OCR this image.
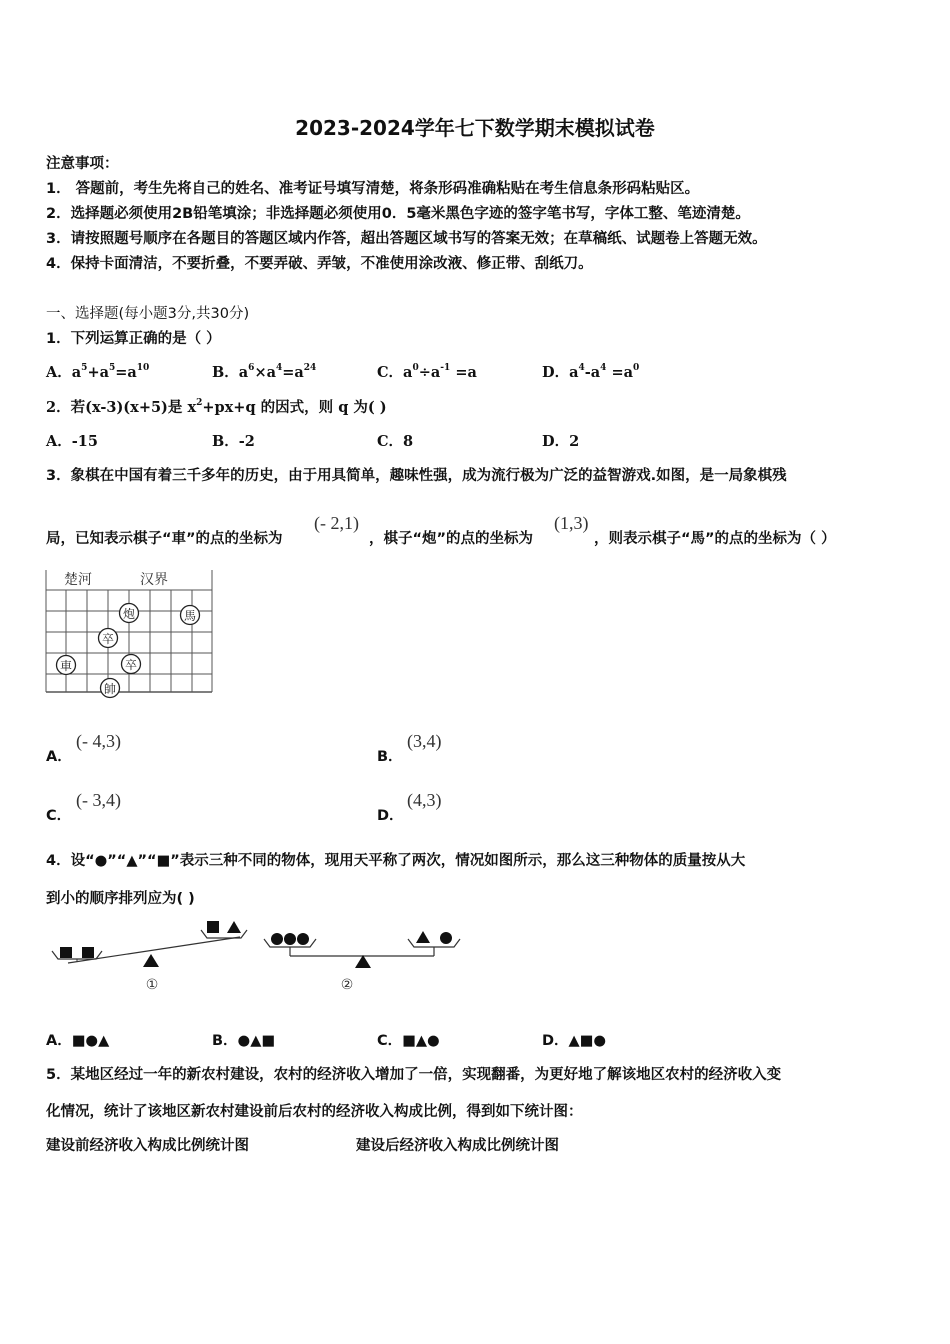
2023-2024学年七下数学期末模拟试卷
注意事项：
1． 答题前，考生先将自己的姓名、准考证号填写清楚，将条形码准确粘贴在考生信息条形码粘贴区。
2．选择题必须使用2B铅笔填涂；非选择题必须使用0．5毫米黑色字迹的签字笔书写，字体工整、笔迹清楚。
3．请按照题号顺序在各题目的答题区域内作答，超出答题区域书写的答案无效；在草稿纸、试题卷上答题无效。
4．保持卡面清洁，不要折叠，不要弄破、弄皱，不准使用涂改液、修正带、刮纸刀。
一、选择题(每小题3分,共30分)
1．下列运算正确的是（ ）
A．$a^5+a^5=a^{10}$	B．$a^6\times a^4=a^{24}$	C．$a^0\div a^{-1} =a$	D．$a^4-a^4 =a^0$
2．若(x-3)(x+5)是 $x^2+px+q$ 的因式，则 q 为( )
A．-15	B．-2	C．8	D．2
3．象棋在中国有着三千多年的历史，由于用具简单，趣味性强，成为流行极为广泛的益智游戏.如图，是一局象棋残
局，已知表示棋子“車”的点的坐标为
(- 2,1)
，棋子“炮”的点的坐标为
(1,3)
，则表示棋子“馬”的点的坐标为（ ）
楚河	汉界
炮	馬
卒
車	卒
帥
A．
(- 4,3)
B．
(3,4)
C．
(- 3,4)
D．
(4,3)
4．设“●”“▲”“■”表示三种不同的物体，现用天平称了两次，情况如图所示，那么这三种物体的质量按从大
到小的顺序排列应为( )
①	②
A．■●▲	B．●▲■	C．■▲●	D．▲■●
5．某地区经过一年的新农村建设，农村的经济收入增加了一倍，实现翻番，为更好地了解该地区农村的经济收入变
化情况，统计了该地区新农村建设前后农村的经济收入构成比例，得到如下统计图：
建设前经济收入构成比例统计图	建设后经济收入构成比例统计图
